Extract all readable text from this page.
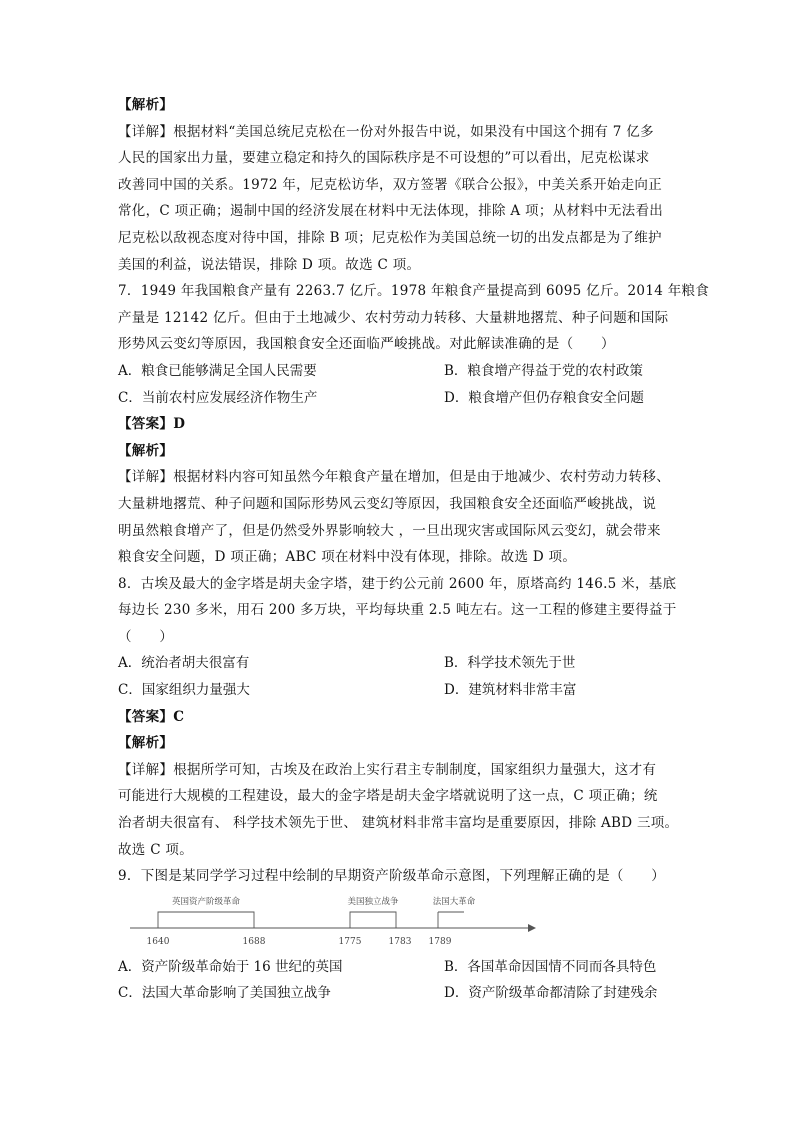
【解析】
【详解】根据材料“美国总统尼克松在一份对外报告中说，如果没有中国这个拥有 7 亿多
人民的国家出力量，要建立稳定和持久的国际秩序是不可设想的”可以看出，尼克松谋求
改善同中国的关系。1972 年，尼克松访华，双方签署《联合公报》，中美关系开始走向正
常化，C 项正确；遏制中国的经济发展在材料中无法体现，排除 A 项；从材料中无法看出
尼克松以敌视态度对待中国，排除 B 项；尼克松作为美国总统一切的出发点都是为了维护
美国的利益，说法错误，排除 D 项。故选 C 项。
7．1949 年我国粮食产量有 2263.7 亿斤。1978 年粮食产量提高到 6095 亿斤。2014 年粮食
产量是 12142 亿斤。但由于土地减少、农村劳动力转移、大量耕地撂荒、种子问题和国际
形势风云变幻等原因，我国粮食安全还面临严峻挑战。对此解读准确的是（　　）
A．粮食已能够满足全国人民需要	B．粮食增产得益于党的农村政策
C．当前农村应发展经济作物生产	D．粮食增产但仍存粮食安全问题
【答案】D
【解析】
【详解】根据材料内容可知虽然今年粮食产量在增加，但是由于地减少、农村劳动力转移、
大量耕地撂荒、种子问题和国际形势风云变幻等原因，我国粮食安全还面临严峻挑战，说
明虽然粮食增产了，但是仍然受外界影响较大 ，一旦出现灾害或国际风云变幻，就会带来
粮食安全问题，D 项正确；ABC 项在材料中没有体现，排除。故选 D 项。
8．古埃及最大的金字塔是胡夫金字塔，建于约公元前 2600 年，原塔高约 146.5 米，基底
每边长 230 多米，用石 200 多万块，平均每块重 2.5 吨左右。这一工程的修建主要得益于
（　　）
A．统治者胡夫很富有	B．科学技术领先于世
C．国家组织力量强大	D．建筑材料非常丰富
【答案】C
【解析】
【详解】根据所学可知，古埃及在政治上实行君主专制制度，国家组织力量强大，这才有
可能进行大规模的工程建设，最大的金字塔是胡夫金字塔就说明了这一点，C 项正确；统
治者胡夫很富有、 科学技术领先于世、 建筑材料非常丰富均是重要原因，排除 ABD 三项。
故选 C 项。
9．下图是某同学学习过程中绘制的早期资产阶级革命示意图，下列理解正确的是（　　）
英国资产阶级革命	美国独立战争	法国大革命
1640	1688	1775	1783 1789
A．资产阶级革命始于 16 世纪的英国	B．各国革命因国情不同而各具特色
C．法国大革命影响了美国独立战争	D．资产阶级革命都清除了封建残余
